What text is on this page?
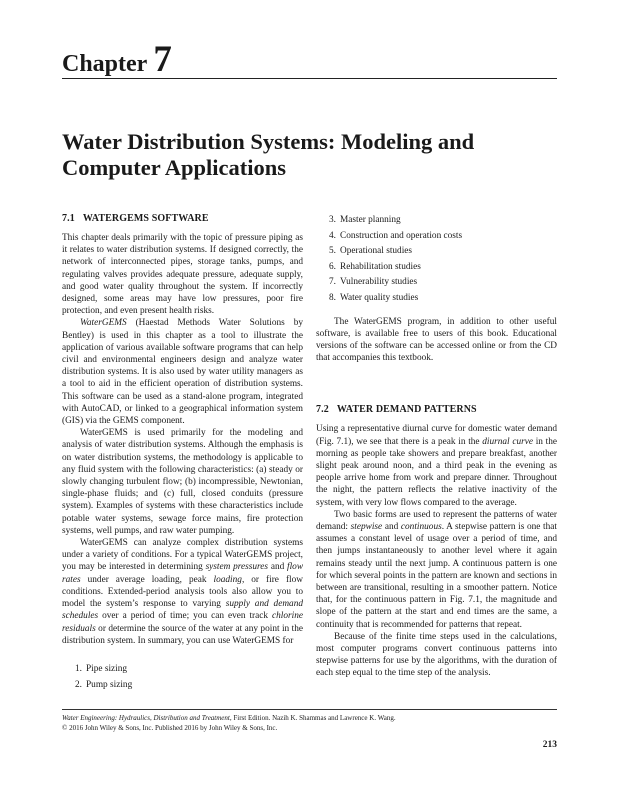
Chapter 7
Water Distribution Systems: Modeling and Computer Applications
7.1 WATERGEMS SOFTWARE

This chapter deals primarily with the topic of pressure piping as it relates to water distribution systems. If designed correctly, the network of interconnected pipes, storage tanks, pumps, and regulating valves provides adequate pressure, adequate supply, and good water quality throughout the system. If incorrectly designed, some areas may have low pressures, poor fire protection, and even present health risks.

WaterGEMS (Haestad Methods Water Solutions by Bentley) is used in this chapter as a tool to illustrate the application of various available software programs that can help civil and environmental engineers design and analyze water distribution systems. It is also used by water utility managers as a tool to aid in the efficient operation of distribution systems. This software can be used as a stand-alone program, integrated with AutoCAD, or linked to a geographical information system (GIS) via the GEMS component.

WaterGEMS is used primarily for the modeling and analysis of water distribution systems. Although the emphasis is on water distribution systems, the methodology is applicable to any fluid system with the following characteristics: (a) steady or slowly changing turbulent flow; (b) incompressible, Newtonian, single-phase fluids; and (c) full, closed conduits (pressure system). Examples of systems with these characteristics include potable water systems, sewage force mains, fire protection systems, well pumps, and raw water pumping.

WaterGEMS can analyze complex distribution systems under a variety of conditions. For a typical WaterGEMS project, you may be interested in determining system pressures and flow rates under average loading, peak loading, or fire flow conditions. Extended-period analysis tools also allow you to model the system’s response to varying supply and demand schedules over a period of time; you can even track chlorine residuals or determine the source of the water at any point in the distribution system. In summary, you can use WaterGEMS for

1. Pipe sizing
2. Pump sizing
3. Master planning
4. Construction and operation costs
5. Operational studies
6. Rehabilitation studies
7. Vulnerability studies
8. Water quality studies

The WaterGEMS program, in addition to other useful software, is available free to users of this book. Educational versions of the software can be accessed online or from the CD that accompanies this textbook.

7.2 WATER DEMAND PATTERNS

Using a representative diurnal curve for domestic water demand (Fig. 7.1), we see that there is a peak in the diurnal curve in the morning as people take showers and prepare breakfast, another slight peak around noon, and a third peak in the evening as people arrive home from work and prepare dinner. Throughout the night, the pattern reflects the relative inactivity of the system, with very low flows compared to the average.

Two basic forms are used to represent the patterns of water demand: stepwise and continuous. A stepwise pattern is one that assumes a constant level of usage over a period of time, and then jumps instantaneously to another level where it again remains steady until the next jump. A continuous pattern is one for which several points in the pattern are known and sections in between are transitional, resulting in a smoother pattern. Notice that, for the continuous pattern in Fig. 7.1, the magnitude and slope of the pattern at the start and end times are the same, a continuity that is recommended for patterns that repeat.

Because of the finite time steps used in the calculations, most computer programs convert continuous patterns into stepwise patterns for use by the algorithms, with the duration of each step equal to the time step of the analysis.

Water Engineering: Hydraulics, Distribution and Treatment, First Edition. Nazih K. Shammas and Lawrence K. Wang.
© 2016 John Wiley & Sons, Inc. Published 2016 by John Wiley & Sons, Inc.
213
